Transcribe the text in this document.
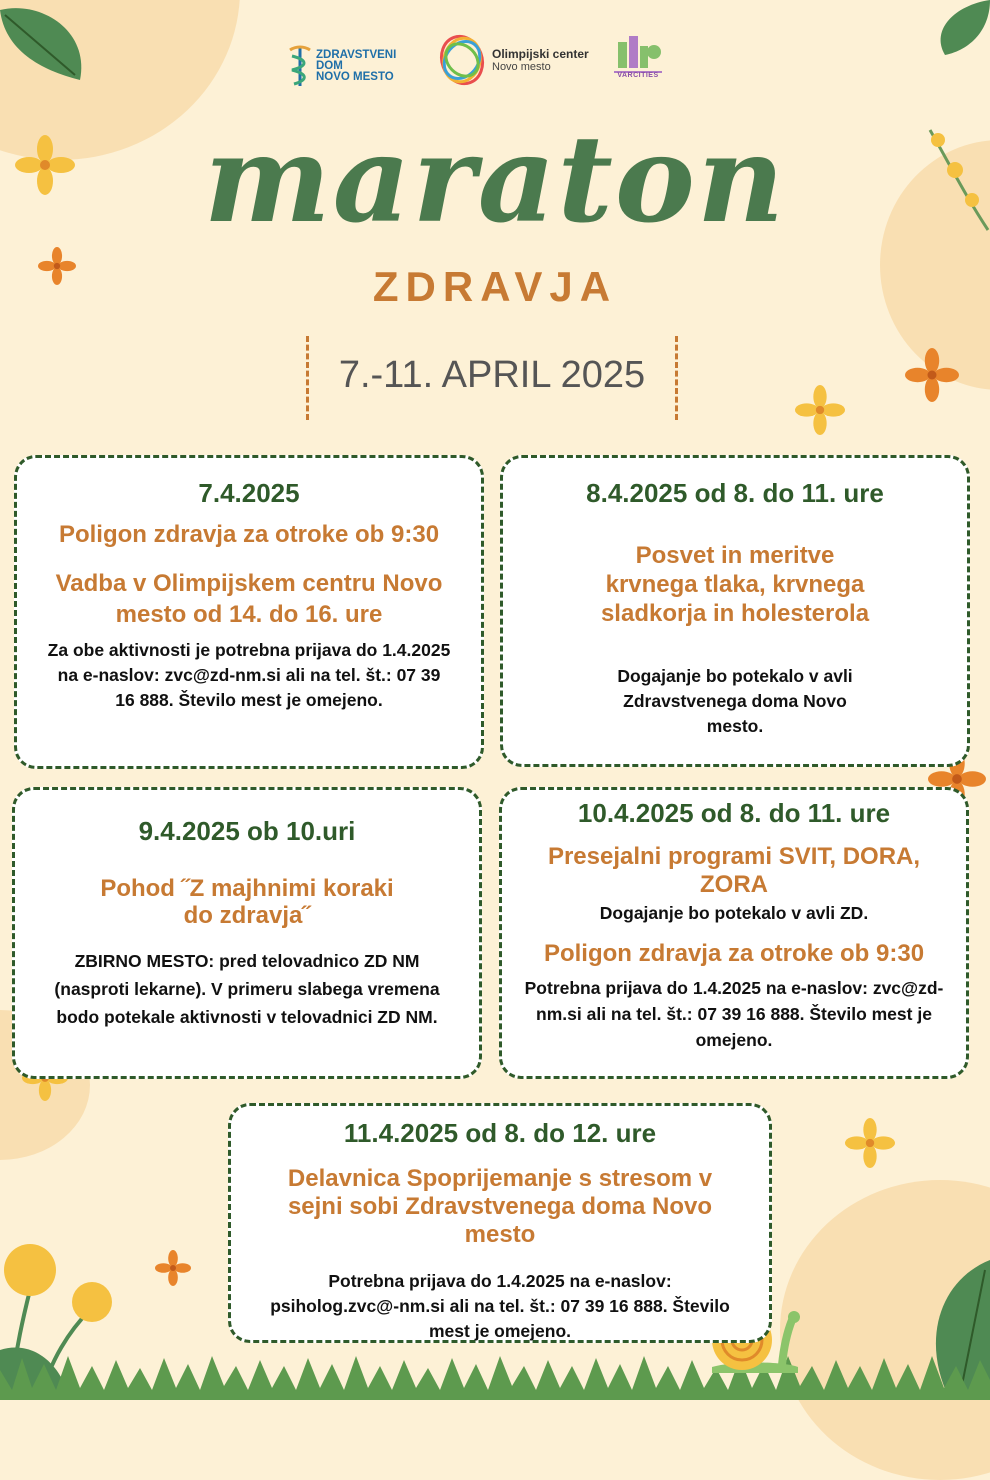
ZDRAVSTVENI
DOM
NOVO MESTO
Olimpijski center
Novo mesto
VARCITIES
maraton
ZDRAVJA
7.-11. APRIL 2025
7.4.2025
Poligon zdravja za otroke ob 9:30
Vadba v Olimpijskem centru Novo mesto od 14. do 16. ure
Za obe aktivnosti je potrebna prijava do 1.4.2025 na e-naslov: zvc@zd-nm.si ali na tel. št.: 07 39 16 888. Število mest je omejeno.
8.4.2025 od 8. do 11. ure
Posvet in meritve krvnega tlaka, krvnega sladkorja in holesterola
Dogajanje bo potekalo v avli Zdravstvenega doma Novo mesto.
9.4.2025 ob 10.uri
Pohod ˝Z majhnimi koraki do zdravja˝
ZBIRNO MESTO: pred telovadnico ZD NM (nasproti lekarne). V primeru slabega vremena bodo potekale aktivnosti v telovadnici ZD NM.
10.4.2025 od 8. do 11. ure
Presejalni programi SVIT, DORA, ZORA
Dogajanje bo potekalo v avli ZD.
Poligon zdravja za otroke ob 9:30
Potrebna prijava do 1.4.2025 na e-naslov: zvc@zd-nm.si ali na tel. št.: 07 39 16 888. Število mest je omejeno.
11.4.2025 od 8. do 12. ure
Delavnica Spoprijemanje s stresom v sejni sobi Zdravstvenega doma Novo mesto
Potrebna prijava do 1.4.2025 na e-naslov: psiholog.zvc@-nm.si ali na tel. št.: 07 39 16 888. Število mest je omejeno.
